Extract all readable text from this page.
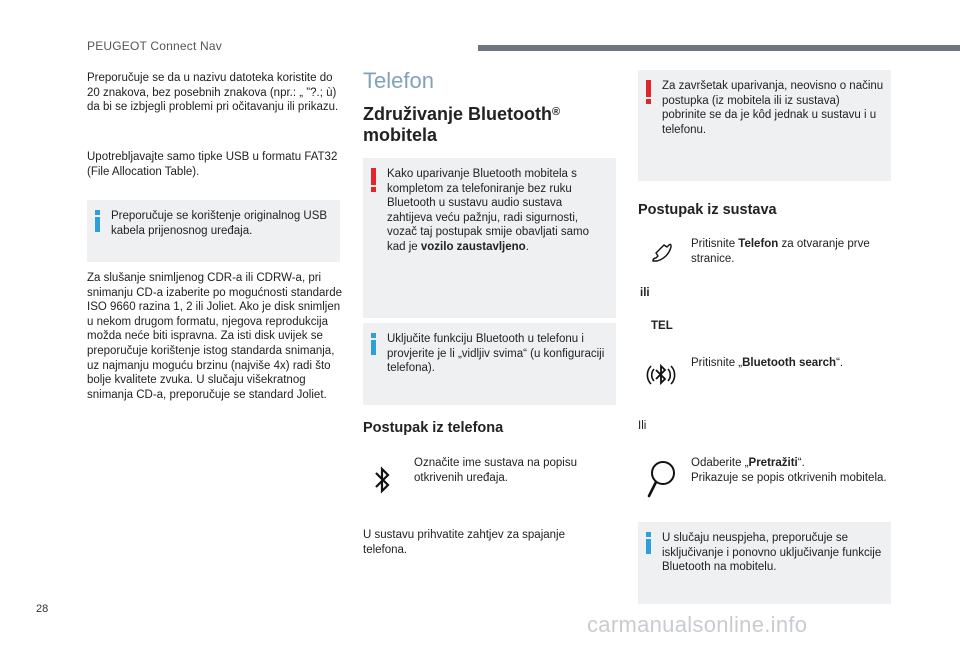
PEUGEOT Connect Nav
Preporučuje se da u nazivu datoteka koristite do 20 znakova, bez posebnih znakova (npr.: „ ”?.; ù) da bi se izbjegli problemi pri očitavanju ili prikazu.
Upotrebljavajte samo tipke USB u formatu FAT32 (File Allocation Table).
Preporučuje se korištenje originalnog USB kabela prijenosnog uređaja.
Za slušanje snimljenog CDR-a ili CDRW-a, pri snimanju CD-a izaberite po mogućnosti standarde ISO 9660 razina 1, 2 ili Joliet. Ako je disk snimljen u nekom drugom formatu, njegova reprodukcija možda neće biti ispravna. Za isti disk uvijek se preporučuje korištenje istog standarda snimanja, uz najmanju moguću brzinu (najviše 4x) radi što bolje kvalitete zvuka. U slučaju višekratnog snimanja CD-a, preporučuje se standard Joliet.
Telefon
Združivanje Bluetooth®
mobitela
Kako uparivanje Bluetooth mobitela s kompletom za telefoniranje bez ruku Bluetooth u sustavu audio sustava zahtijeva veću pažnju, radi sigurnosti, vozač taj postupak smije obavljati samo kad je vozilo zaustavljeno.
Uključite funkciju Bluetooth u telefonu i provjerite je li „vidljiv svima“ (u konfiguraciji telefona).
Postupak iz telefona
Označite ime sustava na popisu otkrivenih uređaja.
U sustavu prihvatite zahtjev za spajanje telefona.
Za završetak uparivanja, neovisno o načinu postupka (iz mobitela ili iz sustava) pobrinite se da je kôd jednak u sustavu i u telefonu.
Postupak iz sustava
Pritisnite Telefon za otvaranje prve stranice.
ili
TEL
Pritisnite „Bluetooth search“.
Ili
Odaberite „Pretražiti“.
Prikazuje se popis otkrivenih mobitela.
U slučaju neuspjeha, preporučuje se isključivanje i ponovno uključivanje funkcije Bluetooth na mobitelu.
28
carmanualsonline.info
